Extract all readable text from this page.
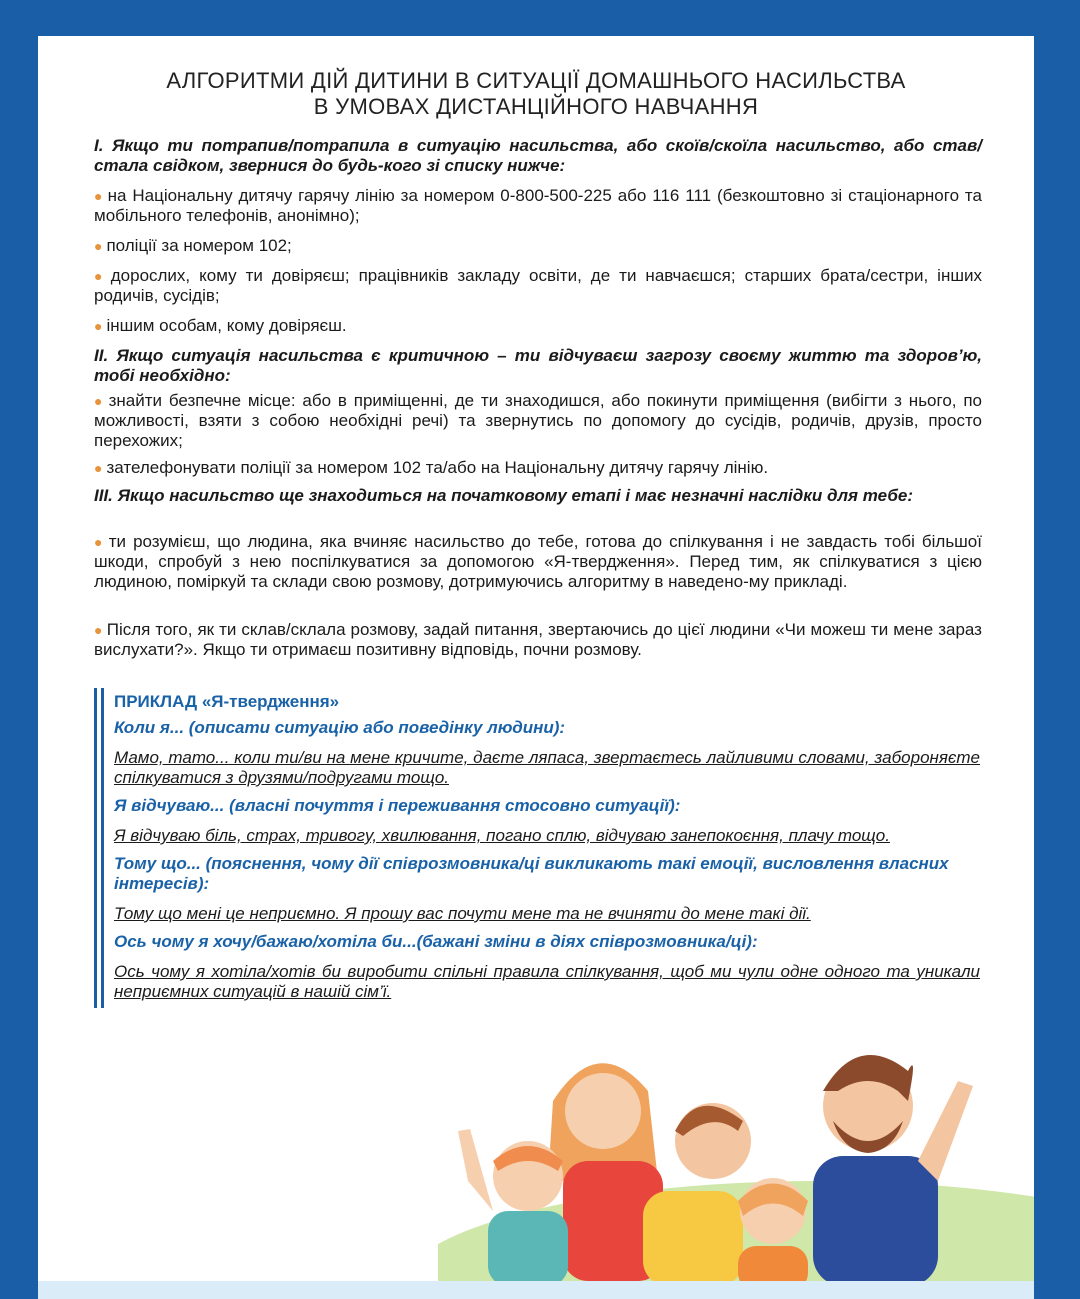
АЛГОРИТМИ ДІЙ ДИТИНИ В СИТУАЦІЇ ДОМАШНЬОГО НАСИЛЬСТВА
В УМОВАХ ДИСТАНЦІЙНОГО НАВЧАННЯ
І. Якщо ти потрапив/потрапила в ситуацію насильства, або скоїв/скоїла насильство, або став/стала свідком, звернися до будь-кого зі списку нижче:
● на Національну дитячу гарячу лінію за номером 0-800-500-225 або 116 111 (безкоштовно зі стаціонарного та мобільного телефонів, анонімно);
● поліції за номером 102;
● дорослих, кому ти довіряєш; працівників закладу освіти, де ти навчаєшся; старших брата/сестри, інших родичів, сусідів;
● іншим особам, кому довіряєш.
ІІ. Якщо ситуація насильства є критичною – ти відчуваєш загрозу своєму життю та здоров’ю, тобі необхідно:
● знайти безпечне місце: або в приміщенні, де ти знаходишся, або покинути приміщення (вибігти з нього, по можливості, взяти з собою необхідні речі) та звернутись по допомогу до сусідів, родичів, друзів, просто перехожих;
● зателефонувати поліції за номером 102 та/або на Національну дитячу гарячу лінію.
ІІІ. Якщо насильство ще знаходиться на початковому етапі і має незначні наслідки для тебе:
● ти розумієш, що людина, яка вчиняє насильство до тебе, готова до спілкування і не завдасть тобі більшої шкоди, спробуй з нею поспілкуватися за допомогою «Я-твердження». Перед тим, як спілкуватися з цією людиною, поміркуй та склади свою розмову, дотримуючись алгоритму в наведено-му прикладі.
● Після того, як ти склав/склала розмову, задай питання, звертаючись до цієї людини «Чи можеш ти мене зараз вислухати?». Якщо ти отримаєш позитивну відповідь, почни розмову.
ПРИКЛАД «Я-твердження»
Коли я... (описати ситуацію або поведінку людини):
Мамо, тато... коли ти/ви на мене кричите, даєте ляпаса, звертаєтесь лайливими словами, забороняєте спілкуватися з друзями/подругами тощо.
Я відчуваю... (власні почуття і переживання стосовно ситуації):
Я відчуваю біль, страх, тривогу, хвилювання, погано сплю, відчуваю занепокоєння, плачу тощо.
Тому що... (пояснення, чому дії співрозмовника/ці викликають такі емоції, висловлення власних інтересів):
Тому що мені це неприємно. Я прошу вас почути мене та не вчиняти до мене такі дії.
Ось чому я хочу/бажаю/хотіла би...(бажані зміни в діях співрозмовника/ці):
Ось чому я хотіла/хотів би виробити спільні правила спілкування, щоб ми чули одне одного та уникали неприємних ситуацій в нашій сім’ї.
